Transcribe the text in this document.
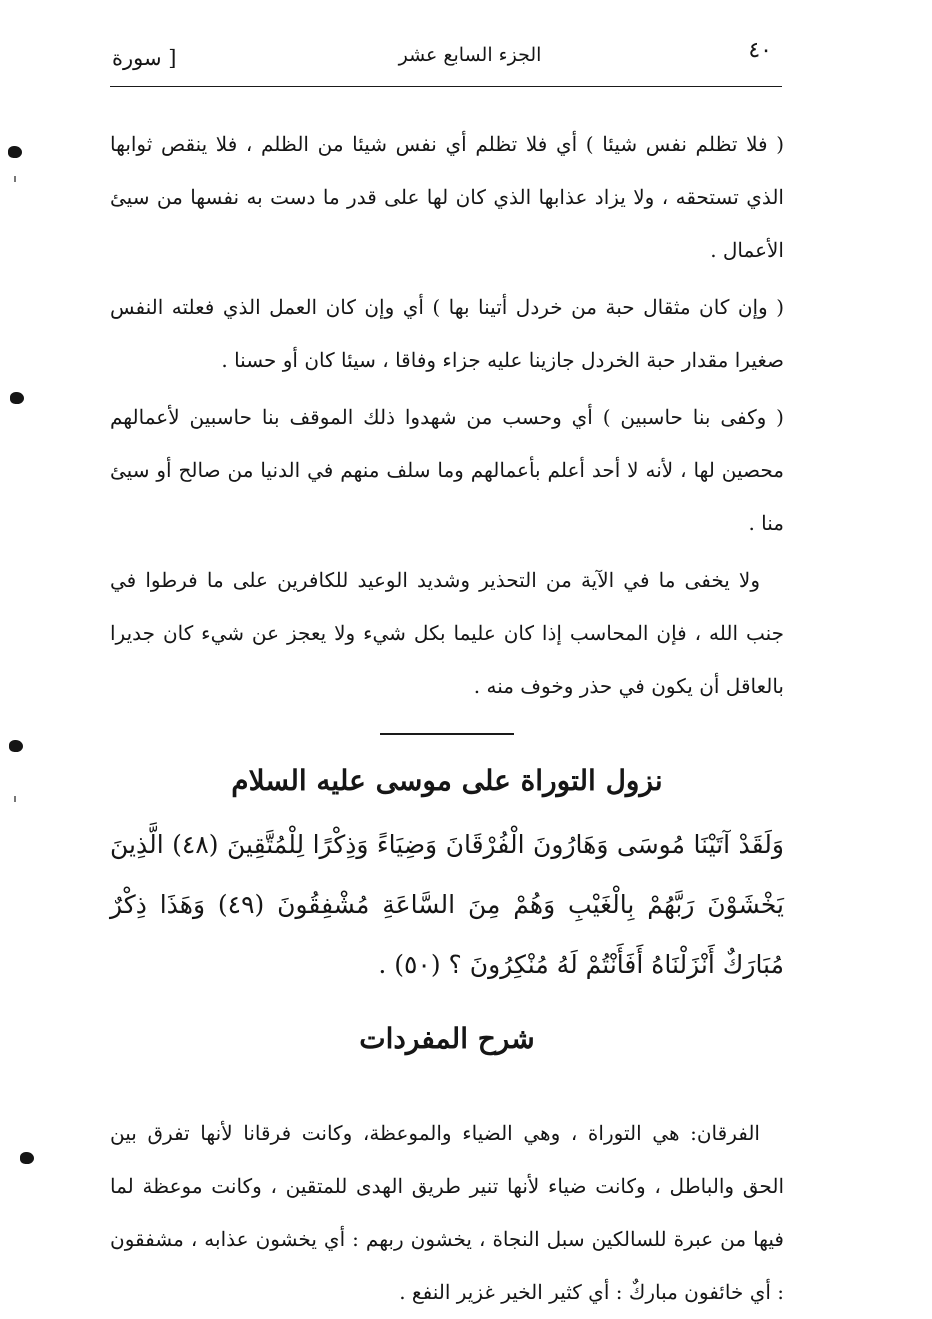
٤٠
الجزء السابع عشر
[ سورة

( فلا تظلم نفس شيئا ) أي فلا تظلم أي نفس شيئا من الظلم ، فلا ينقص ثوابها الذي تستحقه ، ولا يزاد عذابها الذي كان لها على قدر ما دست به نفسها من سيئ الأعمال .

( وإن كان مثقال حبة من خردل أتينا بها ) أي وإن كان العمل الذي فعلته النفس صغيرا مقدار حبة الخردل جازينا عليه جزاء وفاقا ، سيئا كان أو حسنا .

( وكفى بنا حاسبين ) أي وحسب من شهدوا ذلك الموقف بنا حاسبين لأعمالهم محصين لها ، لأنه لا أحد أعلم بأعمالهم وما سلف منهم في الدنيا من صالح أو سيئ منا .

ولا يخفى ما في الآية من التحذير وشديد الوعيد للكافرين على ما فرطوا في جنب الله ، فإن المحاسب إذا كان عليما بكل شيء ولا يعجز عن شيء كان جديرا بالعاقل أن يكون في حذر وخوف منه .

نزول التوراة على موسى عليه السلام

وَلَقَدْ آتَيْنَا مُوسَى وَهَارُونَ الْفُرْقَانَ وَضِيَاءً وَذِكْرًا لِلْمُتَّقِينَ (٤٨) الَّذِينَ يَخْشَوْنَ رَبَّهُمْ بِالْغَيْبِ وَهُمْ مِنَ السَّاعَةِ مُشْفِقُونَ (٤٩) وَهَذَا ذِكْرٌ مُبَارَكٌ أَنْزَلْنَاهُ أَفَأَنْتُمْ لَهُ مُنْكِرُونَ ؟ (٥٠) .

شرح المفردات

الفرقان: هي التوراة ، وهي الضياء والموعظة، وكانت فرقانا لأنها تفرق بين الحق والباطل ، وكانت ضياء لأنها تنير طريق الهدى للمتقين ، وكانت موعظة لما فيها من عبرة للسالكين سبل النجاة ، يخشون ربهم : أي يخشون عذابه ، مشفقون : أي خائفون مباركٌ : أي كثير الخير غزير النفع .
